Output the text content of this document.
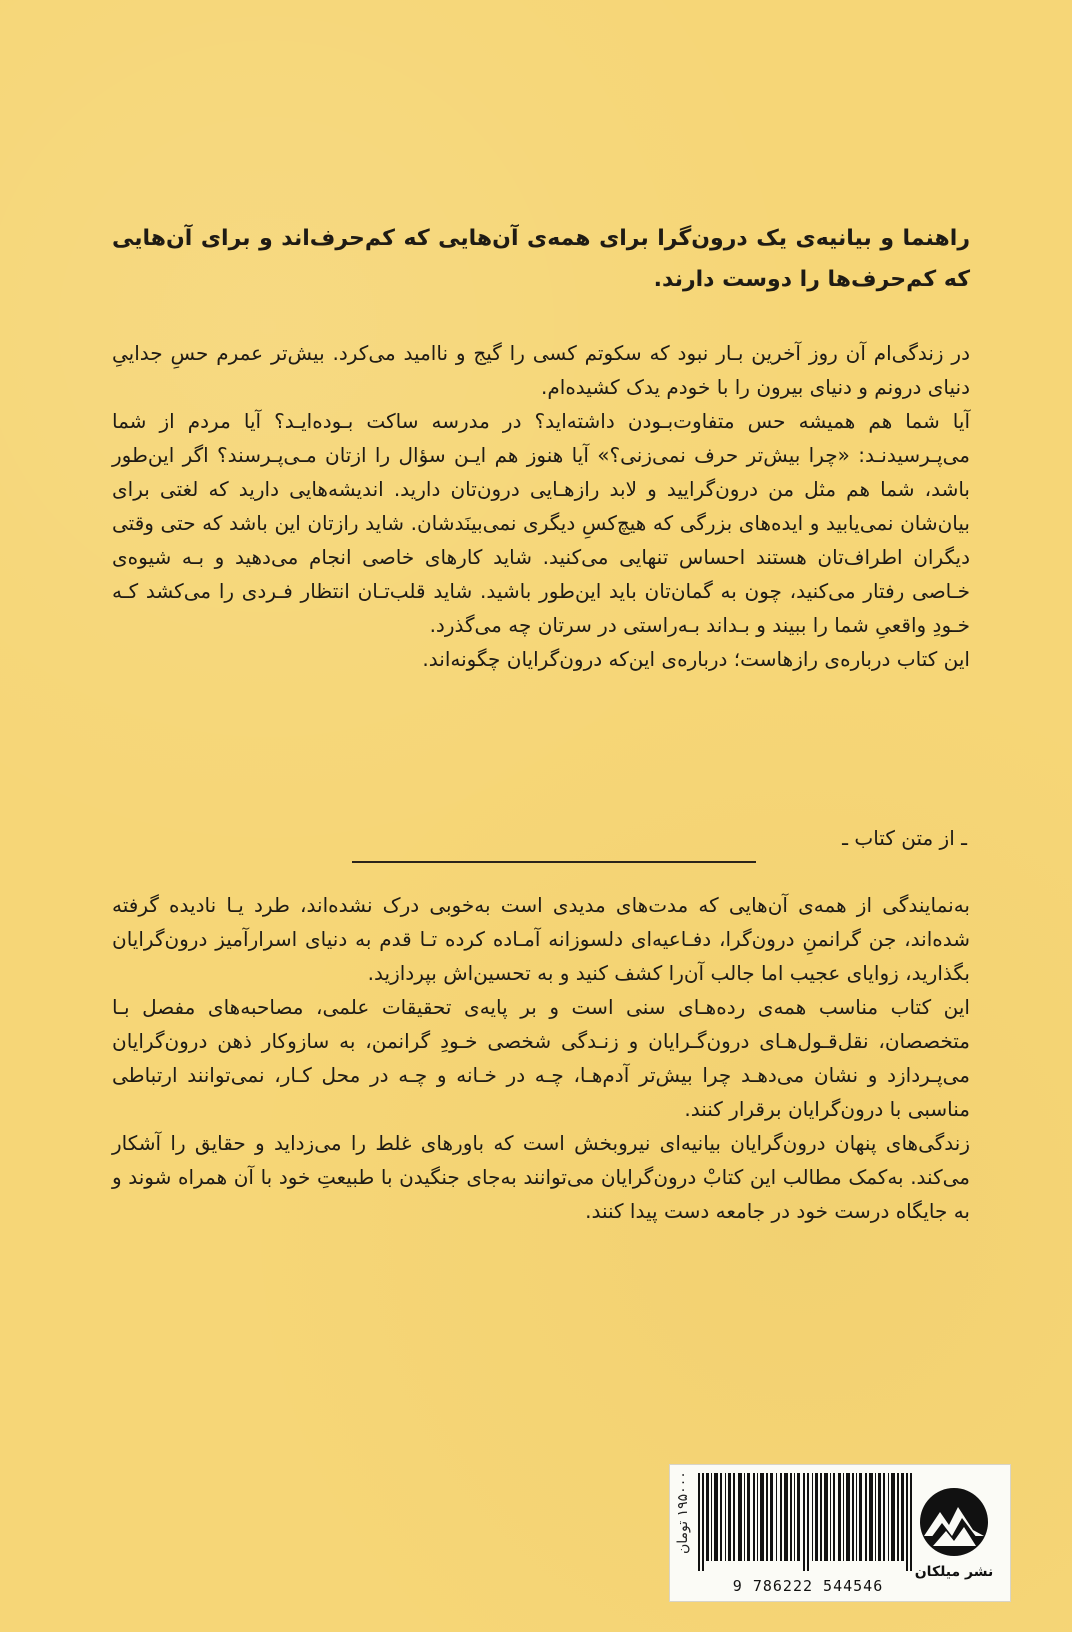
راهنما و بیانیه‌ی یک درون‌گرا برای همه‌ی آن‌هایی که کم‌حرف‌اند و برای آن‌هایی که کم‌حرف‌ها را دوست دارند.

در زندگی‌ام آن روز آخرین بـار نبود که سکوتم کسی را گیج و ناامید می‌کرد. بیش‌تر عمرم حسِ جداییِ دنیای درونم و دنیای بیرون را با خودم یدک کشیده‌ام.

آیا شما هم همیشه حس متفاوت‌بـودن داشته‌اید؟ در مدرسه ساکت بـوده‌ایـد؟ آیا مردم از شما می‌پـرسیدنـد: «چرا بیش‌تر حرف نمی‌زنی؟» آیا هنوز هم ایـن سؤال را ازتان مـی‌پـرسند؟ اگر این‌طور باشد، شما هم مثل من درون‌گرایید و لابد رازهـایی درون‌تان دارید. اندیشه‌هایی دارید که لغتی برای بیان‌شان نمی‌یابید و ایده‌های بزرگی که هیچ‌کسِ دیگری نمی‌بینَدشان. شاید رازتان این باشد که حتی وقتی دیگران اطراف‌تان هستند احساس تنهایی می‌کنید. شاید کارهای خاصی انجام می‌دهید و بـه شیوه‌ی خـاصی رفتار می‌کنید، چون به گمان‌تان باید این‌طور باشید. شاید قلب‌تـان انتظار فـردی را می‌کشد کـه خـودِ واقعیِ شما را ببیند و بـداند بـه‌راستی در سرتان چه می‌گذرد.

این کتاب درباره‌ی رازهاست؛ درباره‌ی این‌که درون‌گرایان چگونه‌اند.

ـ از متن کتاب ـ

به‌نمایندگی از همه‌ی آن‌هایی که مدت‌های مدیدی است به‌خوبی درک نشده‌اند، طرد یـا نادیده گرفته شده‌اند، جن گرانمنِ درون‌گرا، دفـاعیه‌ای دلسوزانه آمـاده کرده تـا قدم به دنیای اسرارآمیز درون‌گرایان بگذارید، زوایای عجیب اما جالب آن‌را کشف کنید و به تحسین‌اش بپردازید.

این کتاب مناسب همه‌ی رده‌هـای سنی است و بر پایه‌ی تحقیقات علمی، مصاحبه‌های مفصل بـا متخصصان، نقل‌قـول‌هـای درون‌گـرایان و زنـدگی شخصی خـودِ گرانمن، به سازوکار ذهن درون‌گرایان می‌پـردازد و نشان می‌دهـد چرا بیش‌تر آدم‌هـا، چـه در خـانه و چـه در محل کـار، نمی‌توانند ارتباطی مناسبی با درون‌گرایان برقرار کنند.

زندگی‌های پنهان درون‌گرایان بیانیه‌ای نیروبخش است که باورهای غلط را می‌زداید و حقایق را آشکار می‌کند. به‌کمک مطالب این کتابْ درون‌گرایان می‌توانند به‌جای جنگیدن با طبیعتِ خود با آن همراه شوند و به جایگاه درست خود در جامعه دست پیدا کنند.

۱۹۵۰۰۰ تومان
9 786222 544546
نشر میلکان
